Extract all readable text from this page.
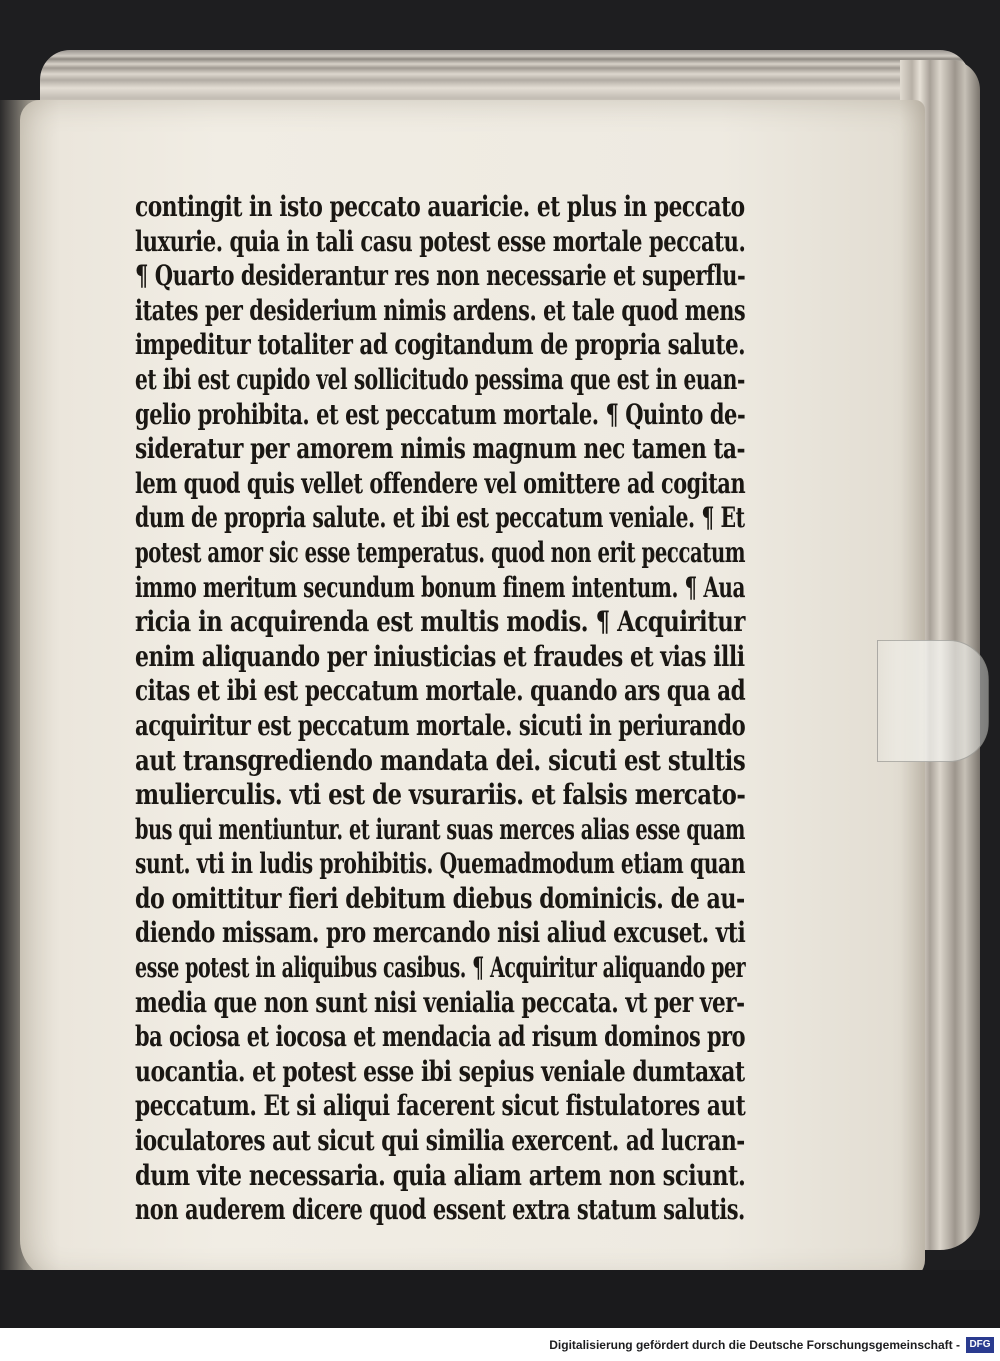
contingit in isto peccato auaricie. et plus in peccato
luxurie. quia in tali casu potest esse mortale peccatu.
¶ Quarto desiderantur res non necessarie et superflu-
itates per desiderium nimis ardens. et tale quod mens
impeditur totaliter ad cogitandum de propria salute.
et ibi est cupido vel sollicitudo pessima que est in euan-
gelio prohibita. et est peccatum mortale. ¶ Quinto de-
sideratur per amorem nimis magnum nec tamen ta-
lem quod quis vellet offendere vel omittere ad cogitan
dum de propria salute. et ibi est peccatum veniale. ¶ Et
potest amor sic esse temperatus. quod non erit peccatum
immo meritum secundum bonum finem intentum. ¶ Aua
ricia in acquirenda est multis modis. ¶ Acquiritur
enim aliquando per iniusticias et fraudes et vias illi
citas et ibi est peccatum mortale. quando ars qua ad
acquiritur est peccatum mortale. sicuti in periurando
aut transgrediendo mandata dei. sicuti est stultis
mulierculis. vti est de vsurariis. et falsis mercato-
bus qui mentiuntur. et iurant suas merces alias esse quam
sunt. vti in ludis prohibitis. Quemadmodum etiam quan
do omittitur fieri debitum diebus dominicis. de au-
diendo missam. pro mercando nisi aliud excuset. vti
esse potest in aliquibus casibus. ¶ Acquiritur aliquando per
media que non sunt nisi venialia peccata. vt per ver-
ba ociosa et iocosa et mendacia ad risum dominos pro
uocantia. et potest esse ibi sepius veniale dumtaxat
peccatum. Et si aliqui facerent sicut fistulatores aut
ioculatores aut sicut qui similia exercent. ad lucran-
dum vite necessaria. quia aliam artem non sciunt.
non auderem dicere quod essent extra statum salutis.
Digitalisierung gefördert durch die Deutsche Forschungsgemeinschaft - DFG
